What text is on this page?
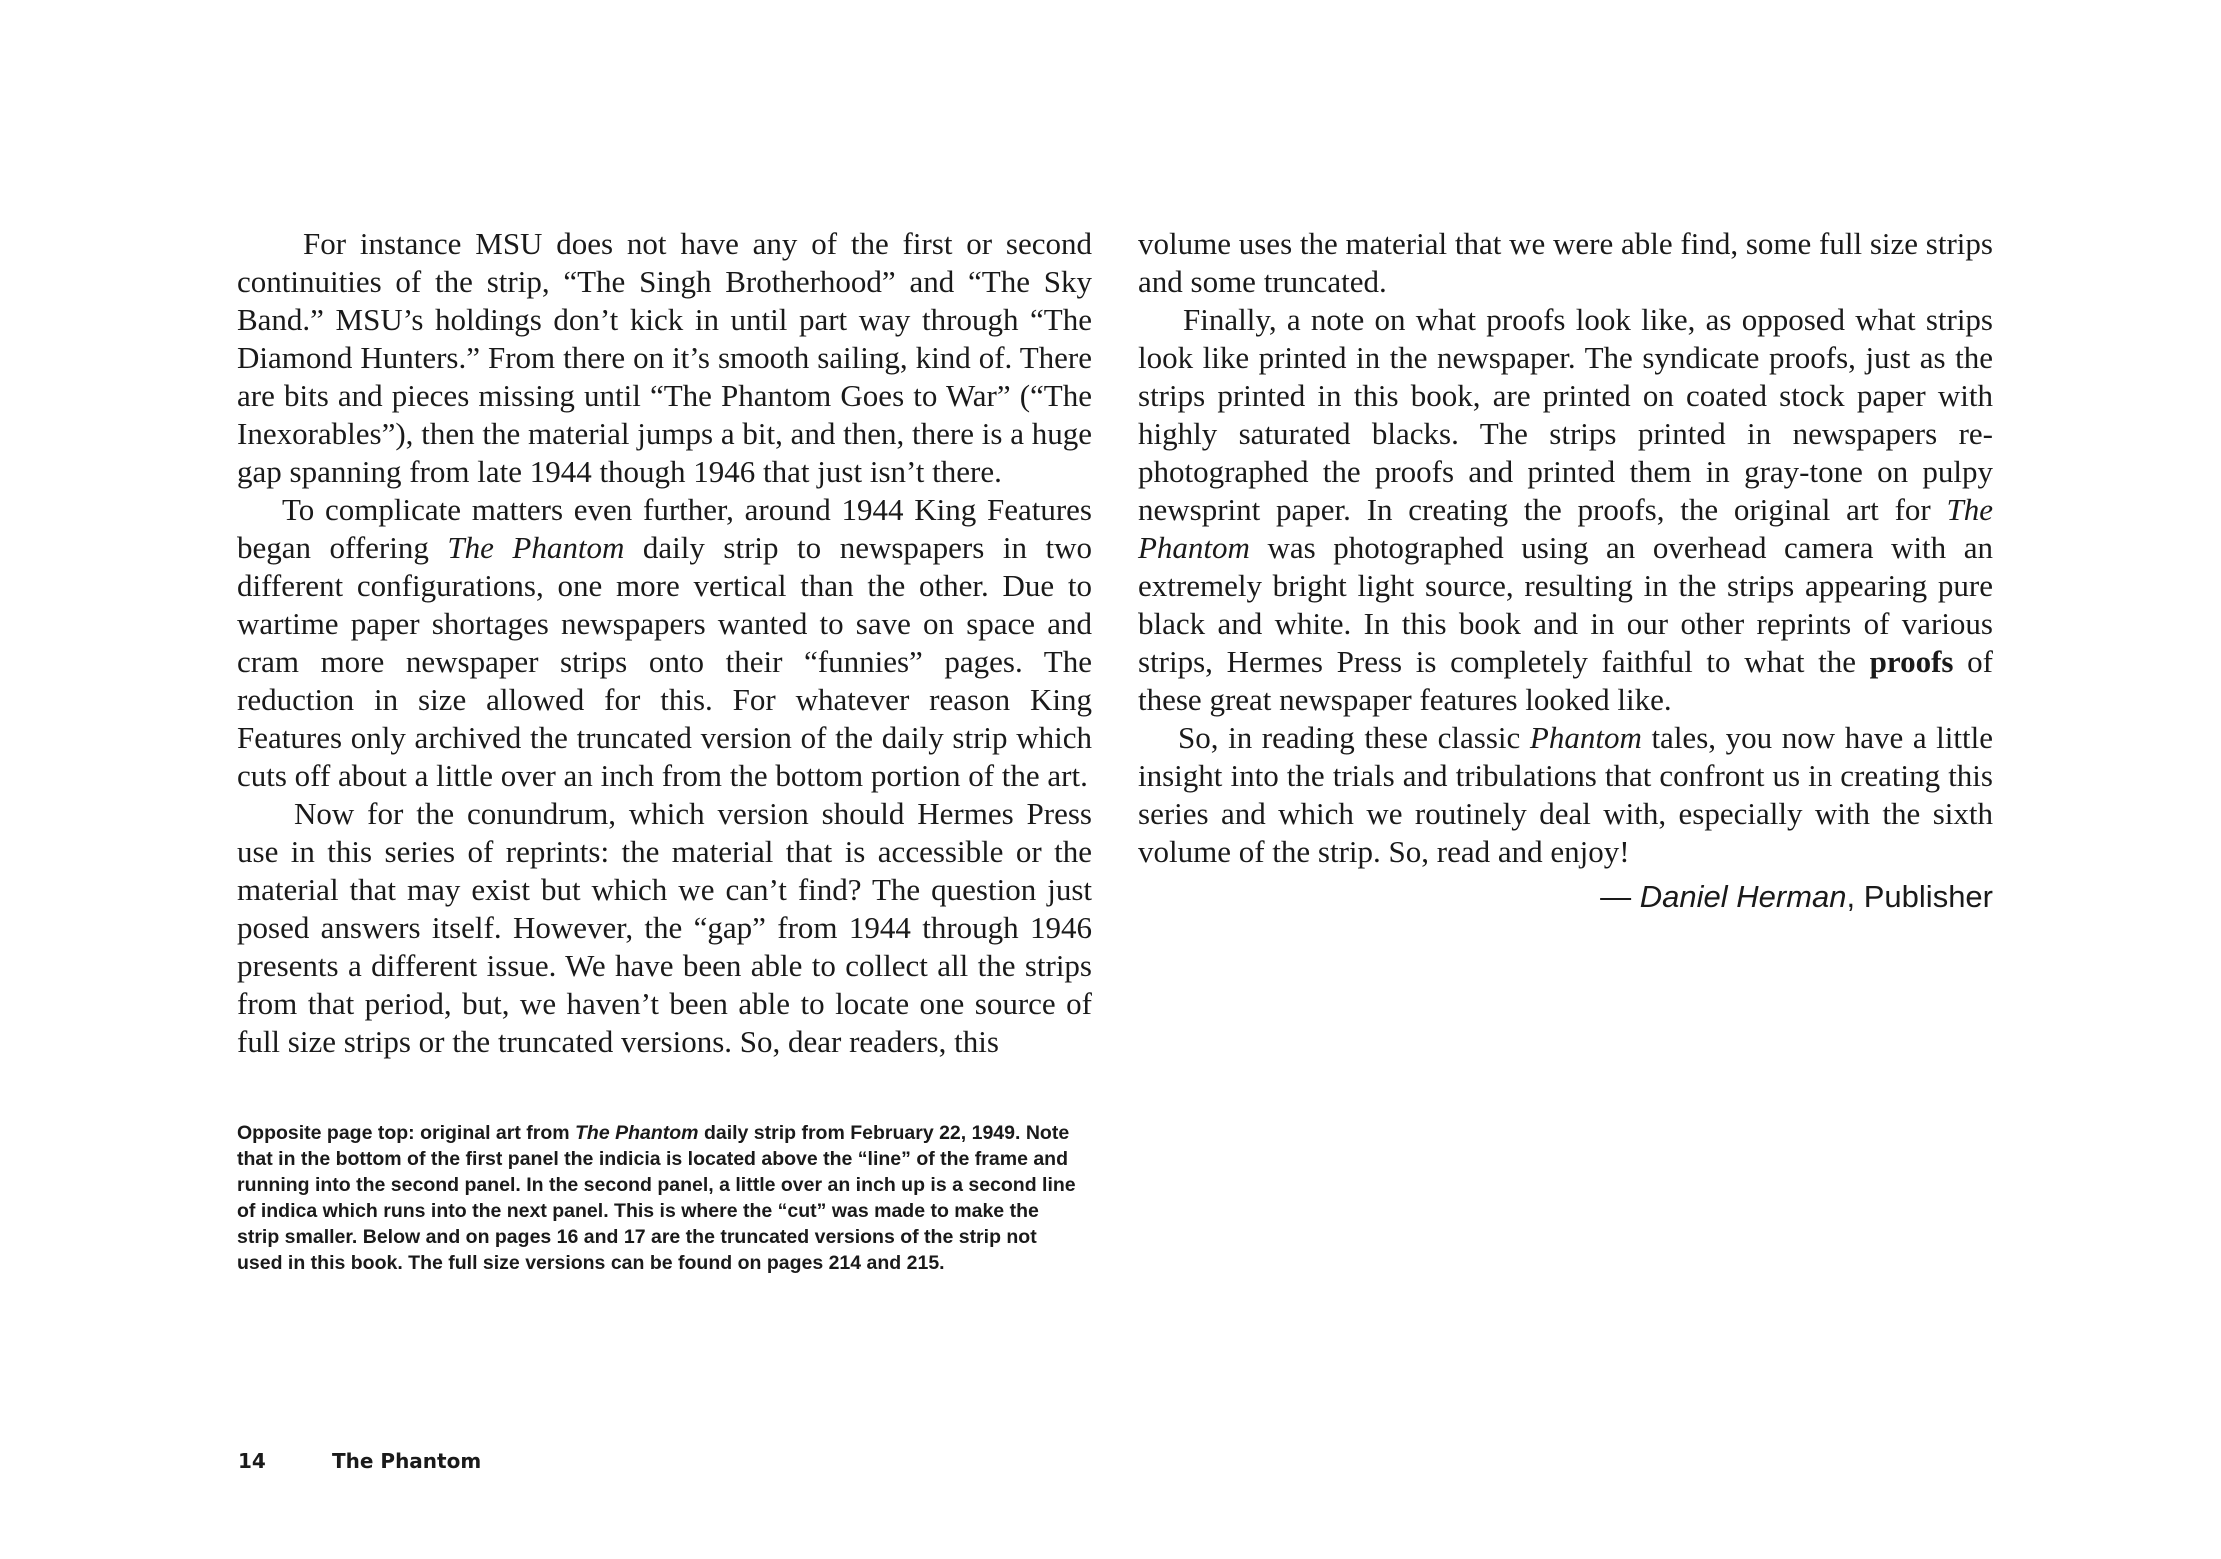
For instance MSU does not have any of the first or second continuities of the strip, “The Singh Brotherhood” and “The Sky Band.” MSU’s holdings don’t kick in until part way through “The Diamond Hunters.” From there on it’s smooth sailing, kind of. There are bits and pieces missing until “The Phantom Goes to War” (“The Inexorables”), then the material jumps a bit, and then, there is a huge gap spanning from late 1944 though 1946 that just isn’t there.

To complicate matters even further, around 1944 King Features began offering The Phantom daily strip to newspapers in two different configurations, one more vertical than the other. Due to wartime paper shortages newspapers wanted to save on space and cram more newspaper strips onto their “funnies” pages. The reduction in size allowed for this. For whatever reason King Features only archived the truncated version of the daily strip which cuts off about a little over an inch from the bottom portion of the art.

Now for the conundrum, which version should Hermes Press use in this series of reprints: the material that is accessible or the material that may exist but which we can’t find? The question just posed answers itself. However, the “gap” from 1944 through 1946 presents a different issue. We have been able to collect all the strips from that period, but, we haven’t been able to locate one source of full size strips or the truncated versions. So, dear readers, this

volume uses the material that we were able find, some full size strips and some truncated.

Finally, a note on what proofs look like, as opposed what strips look like printed in the newspaper. The syndicate proofs, just as the strips printed in this book, are printed on coated stock paper with highly saturated blacks. The strips printed in newspapers re-photographed the proofs and printed them in gray-tone on pulpy newsprint paper. In creating the proofs, the original art for The Phantom was photographed using an overhead camera with an extremely bright light source, resulting in the strips appearing pure black and white. In this book and in our other reprints of various strips, Hermes Press is completely faithful to what the proofs of these great newspaper features looked like.

So, in reading these classic Phantom tales, you now have a little insight into the trials and tribulations that confront us in creating this series and which we routinely deal with, especially with the sixth volume of the strip. So, read and enjoy!

— Daniel Herman, Publisher
Opposite page top: original art from The Phantom daily strip from February 22, 1949. Note that in the bottom of the first panel the indicia is located above the “line” of the frame and running into the second panel. In the second panel, a little over an inch up is a second line of indica which runs into the next panel. This is where the “cut” was made to make the strip smaller. Below and on pages 16 and 17 are the truncated versions of the strip not used in this book. The full size versions can be found on pages 214 and 215.
14	The Phantom
